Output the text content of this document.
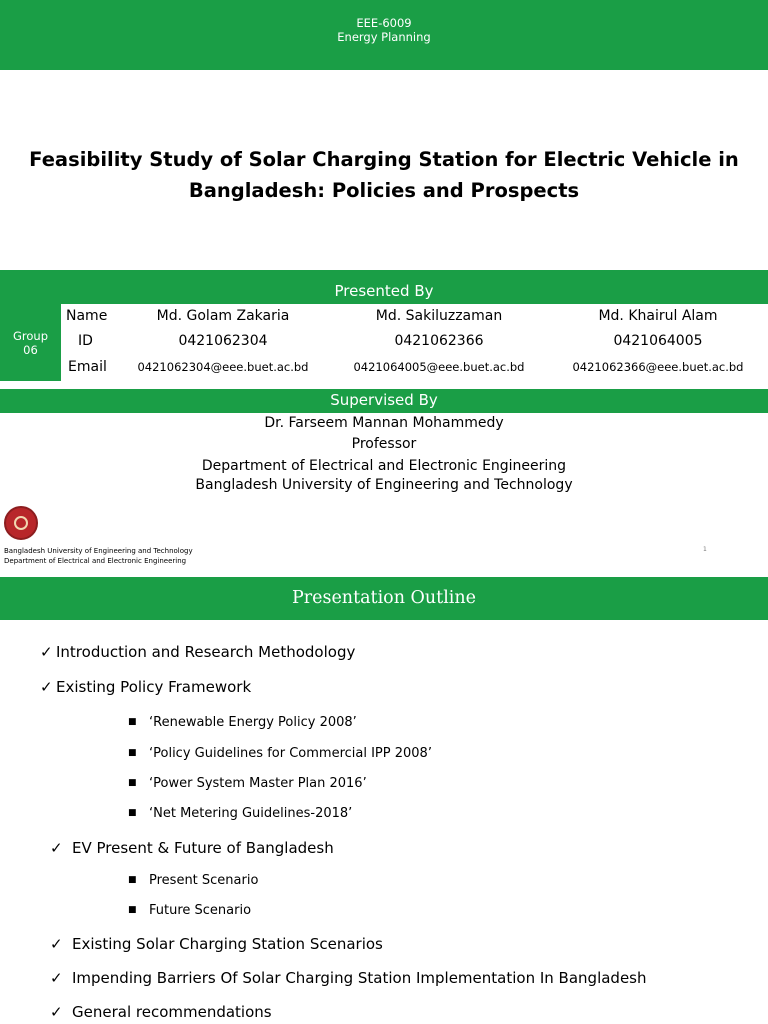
EEE-6009
Energy Planning
Feasibility Study of Solar Charging Station for Electric Vehicle in
Bangladesh: Policies and Prospects
Presented By
Group
06
Name
ID
Email
Md. Golam Zakaria
0421062304
0421062304@eee.buet.ac.bd
Md. Sakiluzzaman
0421062366
0421064005@eee.buet.ac.bd
Md. Khairul Alam
0421064005
0421062366@eee.buet.ac.bd
Supervised By
Dr. Farseem Mannan Mohammedy
Professor
Department of Electrical and Electronic Engineering
Bangladesh University of Engineering and Technology
Bangladesh University of Engineering and Technology
Department of Electrical and Electronic Engineering
1
Presentation Outline
✓ Introduction and Research Methodology
✓ Existing Policy Framework
■ ‘Renewable Energy Policy 2008’
■ ‘Policy Guidelines for Commercial IPP 2008’
■ ‘Power System Master Plan 2016’
■ ‘Net Metering Guidelines-2018’
✓ EV Present & Future of Bangladesh
■ Present Scenario
■ Future Scenario
✓ Existing Solar Charging Station Scenarios
✓ Impending Barriers Of Solar Charging Station Implementation In Bangladesh
✓ General recommendations
